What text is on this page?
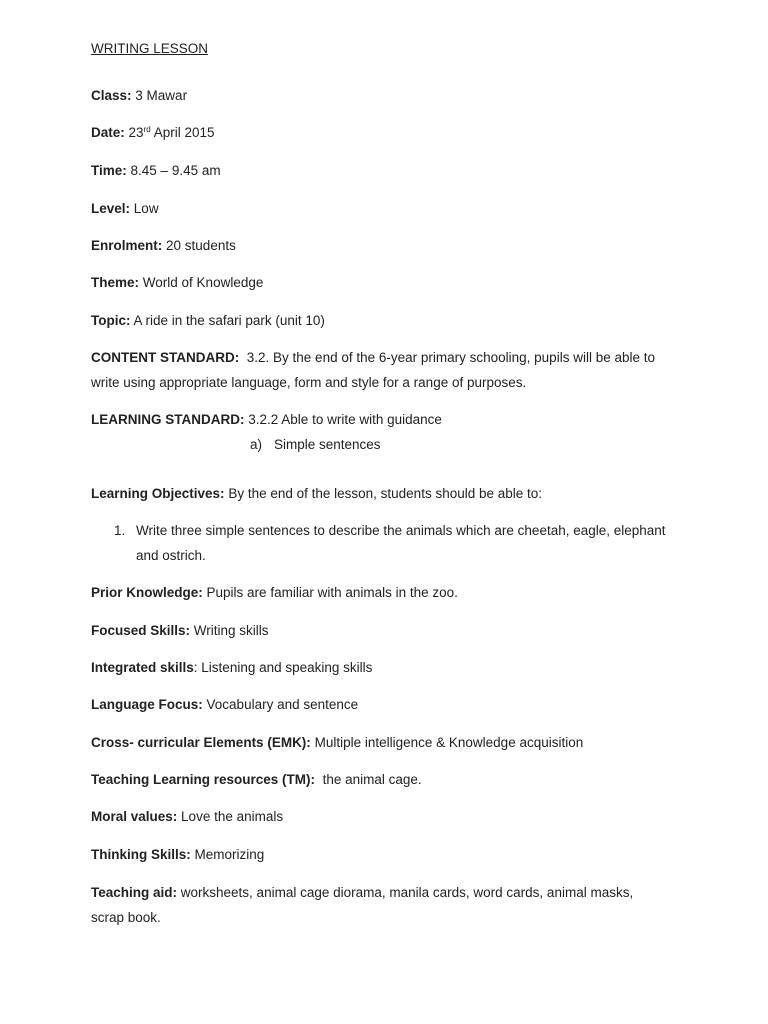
WRITING LESSON
Class: 3 Mawar
Date: 23rd April 2015
Time: 8.45 – 9.45 am
Level: Low
Enrolment: 20 students
Theme: World of Knowledge
Topic: A ride in the safari park (unit 10)
CONTENT STANDARD: 3.2. By the end of the 6-year primary schooling, pupils will be able to
write using appropriate language, form and style for a range of purposes.
LEARNING STANDARD: 3.2.2 Able to write with guidance
a) Simple sentences
Learning Objectives: By the end of the lesson, students should be able to:
1. Write three simple sentences to describe the animals which are cheetah, eagle, elephant
and ostrich.
Prior Knowledge: Pupils are familiar with animals in the zoo.
Focused Skills: Writing skills
Integrated skills: Listening and speaking skills
Language Focus: Vocabulary and sentence
Cross- curricular Elements (EMK): Multiple intelligence & Knowledge acquisition
Teaching Learning resources (TM): the animal cage.
Moral values: Love the animals
Thinking Skills: Memorizing
Teaching aid: worksheets, animal cage diorama, manila cards, word cards, animal masks,
scrap book.
